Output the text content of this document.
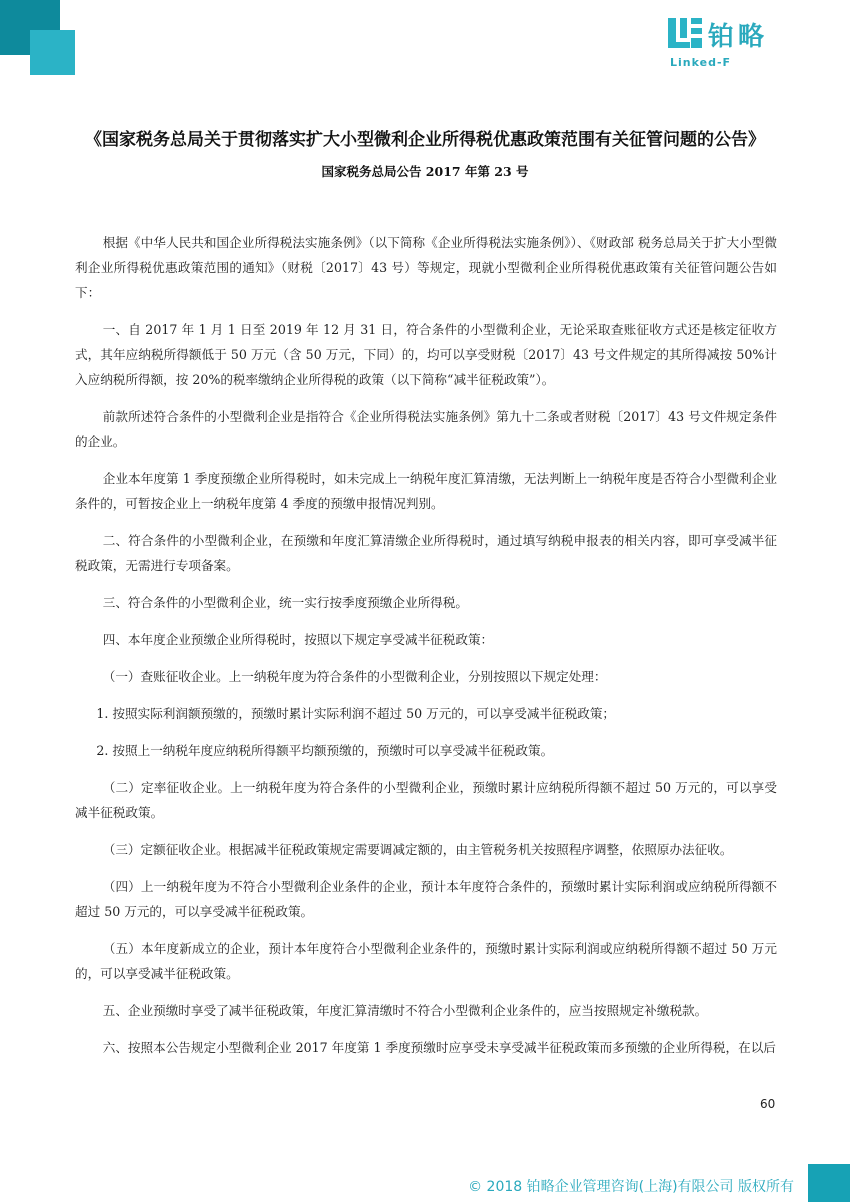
铂略
Linked-F
《国家税务总局关于贯彻落实扩大小型微利企业所得税优惠政策范围有关征管问题的公告》
国家税务总局公告 2017 年第 23 号

根据《中华人民共和国企业所得税法实施条例》（以下简称《企业所得税法实施条例》）、《财政部 税务总局关于扩大小型微利企业所得税优惠政策范围的通知》（财税〔2017〕43 号）等规定，现就小型微利企业所得税优惠政策有关征管问题公告如下：

一、自 2017 年 1 月 1 日至 2019 年 12 月 31 日，符合条件的小型微利企业，无论采取查账征收方式还是核定征收方式，其年应纳税所得额低于 50 万元（含 50 万元，下同）的，均可以享受财税〔2017〕43 号文件规定的其所得减按 50%计入应纳税所得额，按 20%的税率缴纳企业所得税的政策（以下简称“减半征税政策”）。

前款所述符合条件的小型微利企业是指符合《企业所得税法实施条例》第九十二条或者财税〔2017〕43 号文件规定条件的企业。

企业本年度第 1 季度预缴企业所得税时，如未完成上一纳税年度汇算清缴，无法判断上一纳税年度是否符合小型微利企业条件的，可暂按企业上一纳税年度第 4 季度的预缴申报情况判别。

二、符合条件的小型微利企业，在预缴和年度汇算清缴企业所得税时，通过填写纳税申报表的相关内容，即可享受减半征税政策，无需进行专项备案。

三、符合条件的小型微利企业，统一实行按季度预缴企业所得税。

四、本年度企业预缴企业所得税时，按照以下规定享受减半征税政策：

（一）查账征收企业。上一纳税年度为符合条件的小型微利企业，分别按照以下规定处理：

1. 按照实际利润额预缴的，预缴时累计实际利润不超过 50 万元的，可以享受减半征税政策；

2. 按照上一纳税年度应纳税所得额平均额预缴的，预缴时可以享受减半征税政策。

（二）定率征收企业。上一纳税年度为符合条件的小型微利企业，预缴时累计应纳税所得额不超过 50 万元的，可以享受减半征税政策。

（三）定额征收企业。根据减半征税政策规定需要调减定额的，由主管税务机关按照程序调整，依照原办法征收。

（四）上一纳税年度为不符合小型微利企业条件的企业，预计本年度符合条件的，预缴时累计实际利润或应纳税所得额不超过 50 万元的，可以享受减半征税政策。

（五）本年度新成立的企业，预计本年度符合小型微利企业条件的，预缴时累计实际利润或应纳税所得额不超过 50 万元的，可以享受减半征税政策。

五、企业预缴时享受了减半征税政策，年度汇算清缴时不符合小型微利企业条件的，应当按照规定补缴税款。

六、按照本公告规定小型微利企业 2017 年度第 1 季度预缴时应享受未享受减半征税政策而多预缴的企业所得税，在以后

60
© 2018 铂略企业管理咨询(上海)有限公司 版权所有
